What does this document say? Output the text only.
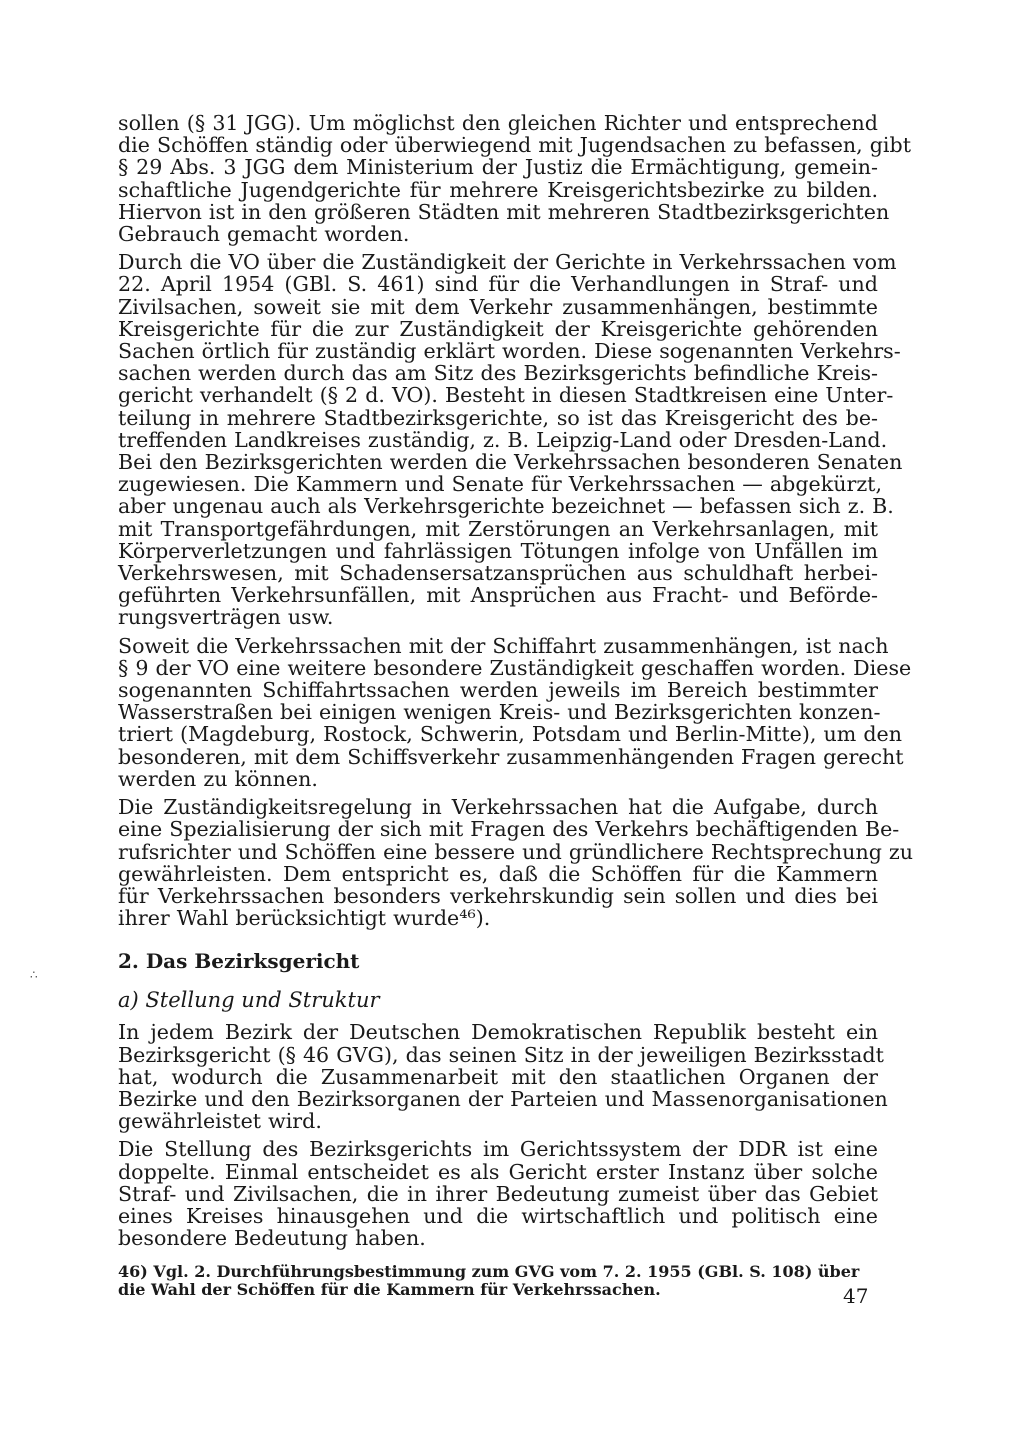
sollen (§ 31 JGG). Um möglichst den gleichen Richter und entsprechend
die Schöffen ständig oder überwiegend mit Jugendsachen zu befassen, gibt
§ 29 Abs. 3 JGG dem Ministerium der Justiz die Ermächtigung, gemein-
schaftliche Jugendgerichte für mehrere Kreisgerichtsbezirke zu bilden.
Hiervon ist in den größeren Städten mit mehreren Stadtbezirksgerichten
Gebrauch gemacht worden.
Durch die VO über die Zuständigkeit der Gerichte in Verkehrssachen vom
22. April 1954 (GBl. S. 461) sind für die Verhandlungen in Straf- und
Zivilsachen, soweit sie mit dem Verkehr zusammenhängen, bestimmte
Kreisgerichte für die zur Zuständigkeit der Kreisgerichte gehörenden
Sachen örtlich für zuständig erklärt worden. Diese sogenannten Verkehrs-
sachen werden durch das am Sitz des Bezirksgerichts befindliche Kreis-
gericht verhandelt (§ 2 d. VO). Besteht in diesen Stadtkreisen eine Unter-
teilung in mehrere Stadtbezirksgerichte, so ist das Kreisgericht des be-
treffenden Landkreises zuständig, z. B. Leipzig-Land oder Dresden-Land.
Bei den Bezirksgerichten werden die Verkehrssachen besonderen Senaten
zugewiesen. Die Kammern und Senate für Verkehrssachen — abgekürzt,
aber ungenau auch als Verkehrsgerichte bezeichnet — befassen sich z. B.
mit Transportgefährdungen, mit Zerstörungen an Verkehrsanlagen, mit
Körperverletzungen und fahrlässigen Tötungen infolge von Unfällen im
Verkehrswesen, mit Schadensersatzansprüchen aus schuldhaft herbei-
geführten Verkehrsunfällen, mit Ansprüchen aus Fracht- und Beförde-
rungsverträgen usw.
Soweit die Verkehrssachen mit der Schiffahrt zusammenhängen, ist nach
§ 9 der VO eine weitere besondere Zuständigkeit geschaffen worden. Diese
sogenannten Schiffahrtssachen werden jeweils im Bereich bestimmter
Wasserstraßen bei einigen wenigen Kreis- und Bezirksgerichten konzen-
triert (Magdeburg, Rostock, Schwerin, Potsdam und Berlin-Mitte), um den
besonderen, mit dem Schiffsverkehr zusammenhängenden Fragen gerecht
werden zu können.
Die Zuständigkeitsregelung in Verkehrssachen hat die Aufgabe, durch
eine Spezialisierung der sich mit Fragen des Verkehrs bechäftigenden Be-
rufsrichter und Schöffen eine bessere und gründlichere Rechtsprechung zu
gewährleisten. Dem entspricht es, daß die Schöffen für die Kammern
für Verkehrssachen besonders verkehrskundig sein sollen und dies bei
ihrer Wahl berücksichtigt wurde⁴⁶).
2. Das Bezirksgericht
a) Stellung und Struktur
In jedem Bezirk der Deutschen Demokratischen Republik besteht ein
Bezirksgericht (§ 46 GVG), das seinen Sitz in der jeweiligen Bezirksstadt
hat, wodurch die Zusammenarbeit mit den staatlichen Organen der
Bezirke und den Bezirksorganen der Parteien und Massenorganisationen
gewährleistet wird.
Die Stellung des Bezirksgerichts im Gerichtssystem der DDR ist eine
doppelte. Einmal entscheidet es als Gericht erster Instanz über solche
Straf- und Zivilsachen, die in ihrer Bedeutung zumeist über das Gebiet
eines Kreises hinausgehen und die wirtschaftlich und politisch eine
besondere Bedeutung haben.
46) Vgl. 2. Durchführungsbestimmung zum GVG vom 7. 2. 1955 (GBl. S. 108) über
die Wahl der Schöffen für die Kammern für Verkehrssachen.	47
∴
